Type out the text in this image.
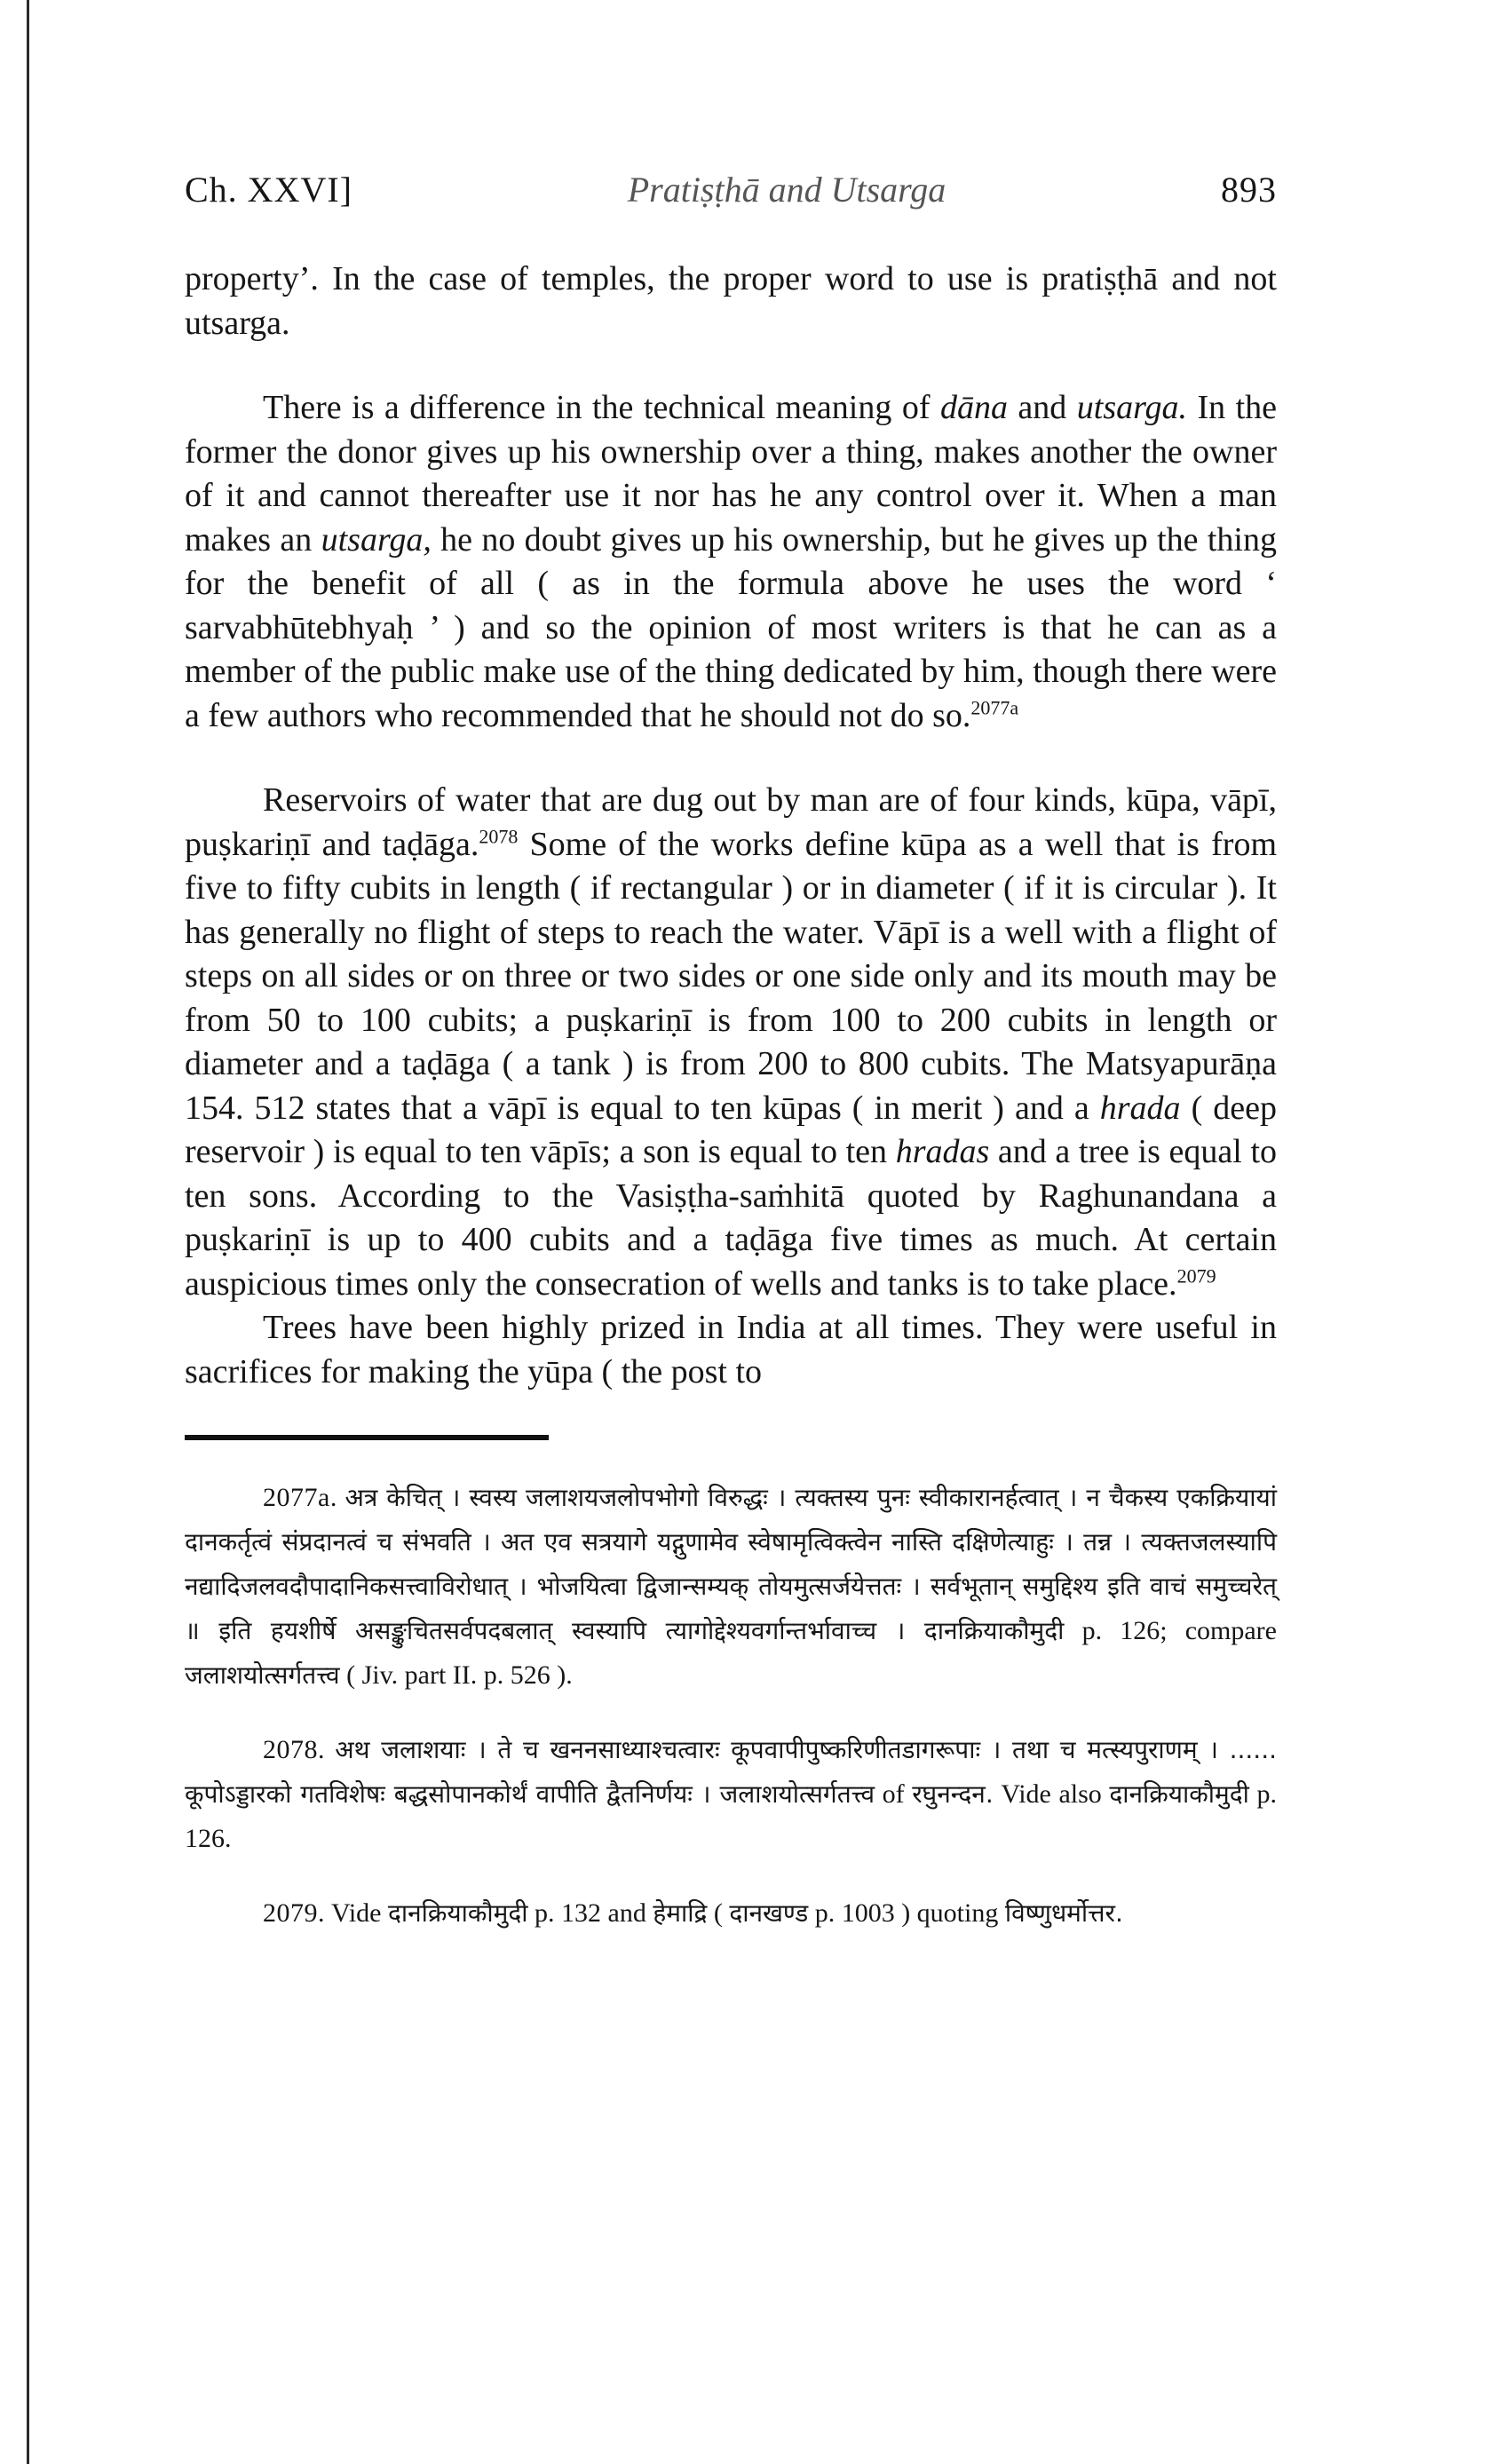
Ch. XXVI]	Pratiṣṭhā and Utsarga	893

property’. In the case of temples, the proper word to use is pratiṣṭhā and not utsarga.

There is a difference in the technical meaning of dāna and utsarga. In the former the donor gives up his ownership over a thing, makes another the owner of it and cannot thereafter use it nor has he any control over it. When a man makes an utsarga, he no doubt gives up his ownership, but he gives up the thing for the benefit of all ( as in the formula above he uses the word ‘ sarvabhūtebhyaḥ ’ ) and so the opinion of most writers is that he can as a member of the public make use of the thing dedicated by him, though there were a few authors who recommended that he should not do so.$^{2077a}$

Reservoirs of water that are dug out by man are of four kinds, kūpa, vāpī, puṣkariṇī and taḍāga.$^{2078}$ Some of the works define kūpa as a well that is from five to fifty cubits in length ( if rectangular ) or in diameter ( if it is circular ). It has generally no flight of steps to reach the water. Vāpī is a well with a flight of steps on all sides or on three or two sides or one side only and its mouth may be from 50 to 100 cubits; a puṣkariṇī is from 100 to 200 cubits in length or diameter and a taḍāga ( a tank ) is from 200 to 800 cubits. The Matsyapurāṇa 154. 512 states that a vāpī is equal to ten kūpas ( in merit ) and a hrada ( deep reservoir ) is equal to ten vāpīs; a son is equal to ten hradas and a tree is equal to ten sons. According to the Vasiṣṭha-saṁhitā quoted by Raghunandana a puṣkariṇī is up to 400 cubits and a taḍāga five times as much. At certain auspicious times only the consecration of wells and tanks is to take place.$^{2079}$

Trees have been highly prized in India at all times. They were useful in sacrifices for making the yūpa ( the post to

2077a. अत्र केचित् । स्वस्य जलाशयजलोपभोगो विरुद्धः । त्यक्तस्य पुनः स्वीकारानर्हत्वात् । न चैकस्य एकक्रियायां दानकर्तृत्वं संप्रदानत्वं च संभवति । अत एव सत्रयागे यद्गुणामेव स्वेषामृत्विक्त्वेन नास्ति दक्षिणेत्याहुः । तन्न । त्यक्तजलस्यापि नद्यादिजलवदौपादानिकसत्त्वाविरोधात् । भोजयित्वा द्विजान्सम्यक् तोयमुत्सर्जयेत्ततः । सर्वभूतान् समुद्दिश्य इति वाचं समुच्चरेत् ॥ इति हयशीर्षे असङ्कुचितसर्वपदबलात् स्वस्यापि त्यागोद्देश्यवर्गान्तर्भावाच्च । दानक्रियाकौमुदी p. 126; compare जलाशयोत्सर्गतत्त्व ( Jiv. part II. p. 526 ).

2078. अथ जलाशयाः । ते च खननसाध्याश्चत्वारः कूपवापीपुष्करिणीतडागरूपाः । तथा च मत्स्यपुराणम् । ...... कूपोऽड्डारको गतविशेषः बद्धसोपानकोर्थं वापीति द्वैतनिर्णयः । जलाशयोत्सर्गतत्त्व of रघुनन्दन. Vide also दानक्रियाकौमुदी p. 126.

2079. Vide दानक्रियाकौमुदी p. 132 and हेमाद्रि ( दानखण्ड p. 1003 ) quoting विष्णुधर्मोत्तर.
